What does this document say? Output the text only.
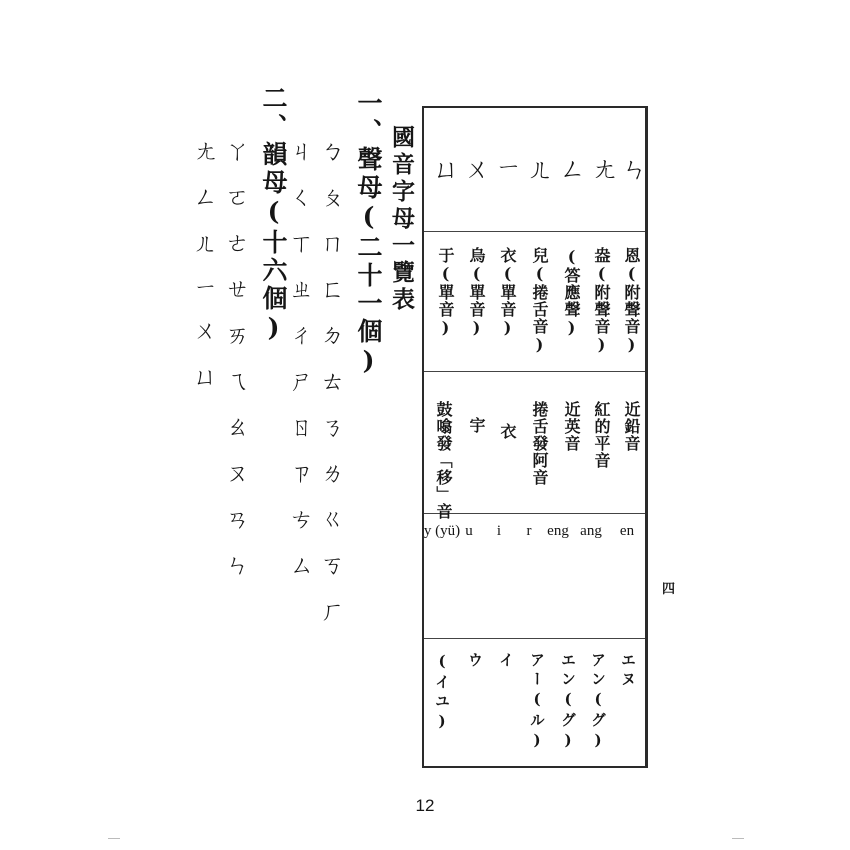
一、聲母(二十一個) 國音字母一覽表
二、韻母(十六個) ㄅㄆㄇㄈㄉㄊㄋㄌㄍㄎㄏ
ㄐㄑㄒㄓㄔㄕㄖㄗㄘㄙ
ㄚㄛㄜㄝㄞㄟㄠㄡㄢㄣ
ㄤㄥㄦㄧㄨㄩ	ㄣ
ㄤ
ㄥ
ㄦ
ㄧ
ㄨ
ㄩ
恩(附聲音)
盎(附聲音)
(答應聲)
兒(捲舌音)
衣(單音)
烏(單音)
于(單音)
近鉛音
紅的平音
近英音
捲舌發阿音
衣
宇
鼓噏發「移」音
en
ang
eng
r
i
u
y (yü)
エヌ
アン(グ)
エン(グ)
アー(ル)
イ
ウ
(イユ)
四
12
